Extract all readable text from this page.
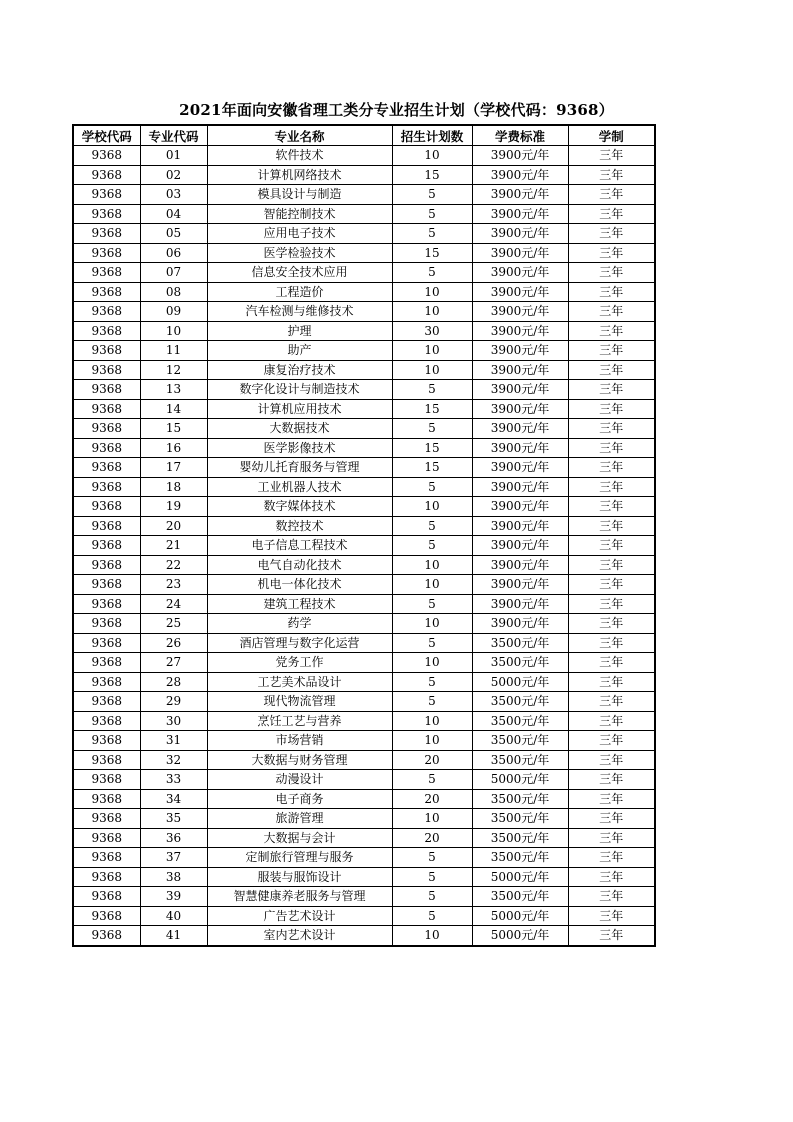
2021年面向安徽省理工类分专业招生计划（学校代码：9368）
学校代码	专业代码	专业名称	招生计划数	学费标准	学制
9368	01	软件技术	10	3900元/年	三年
9368	02	计算机网络技术	15	3900元/年	三年
9368	03	模具设计与制造	5	3900元/年	三年
9368	04	智能控制技术	5	3900元/年	三年
9368	05	应用电子技术	5	3900元/年	三年
9368	06	医学检验技术	15	3900元/年	三年
9368	07	信息安全技术应用	5	3900元/年	三年
9368	08	工程造价	10	3900元/年	三年
9368	09	汽车检测与维修技术	10	3900元/年	三年
9368	10	护理	30	3900元/年	三年
9368	11	助产	10	3900元/年	三年
9368	12	康复治疗技术	10	3900元/年	三年
9368	13	数字化设计与制造技术	5	3900元/年	三年
9368	14	计算机应用技术	15	3900元/年	三年
9368	15	大数据技术	5	3900元/年	三年
9368	16	医学影像技术	15	3900元/年	三年
9368	17	婴幼儿托育服务与管理	15	3900元/年	三年
9368	18	工业机器人技术	5	3900元/年	三年
9368	19	数字媒体技术	10	3900元/年	三年
9368	20	数控技术	5	3900元/年	三年
9368	21	电子信息工程技术	5	3900元/年	三年
9368	22	电气自动化技术	10	3900元/年	三年
9368	23	机电一体化技术	10	3900元/年	三年
9368	24	建筑工程技术	5	3900元/年	三年
9368	25	药学	10	3900元/年	三年
9368	26	酒店管理与数字化运营	5	3500元/年	三年
9368	27	党务工作	10	3500元/年	三年
9368	28	工艺美术品设计	5	5000元/年	三年
9368	29	现代物流管理	5	3500元/年	三年
9368	30	烹饪工艺与营养	10	3500元/年	三年
9368	31	市场营销	10	3500元/年	三年
9368	32	大数据与财务管理	20	3500元/年	三年
9368	33	动漫设计	5	5000元/年	三年
9368	34	电子商务	20	3500元/年	三年
9368	35	旅游管理	10	3500元/年	三年
9368	36	大数据与会计	20	3500元/年	三年
9368	37	定制旅行管理与服务	5	3500元/年	三年
9368	38	服装与服饰设计	5	5000元/年	三年
9368	39	智慧健康养老服务与管理	5	3500元/年	三年
9368	40	广告艺术设计	5	5000元/年	三年
9368	41	室内艺术设计	10	5000元/年	三年
